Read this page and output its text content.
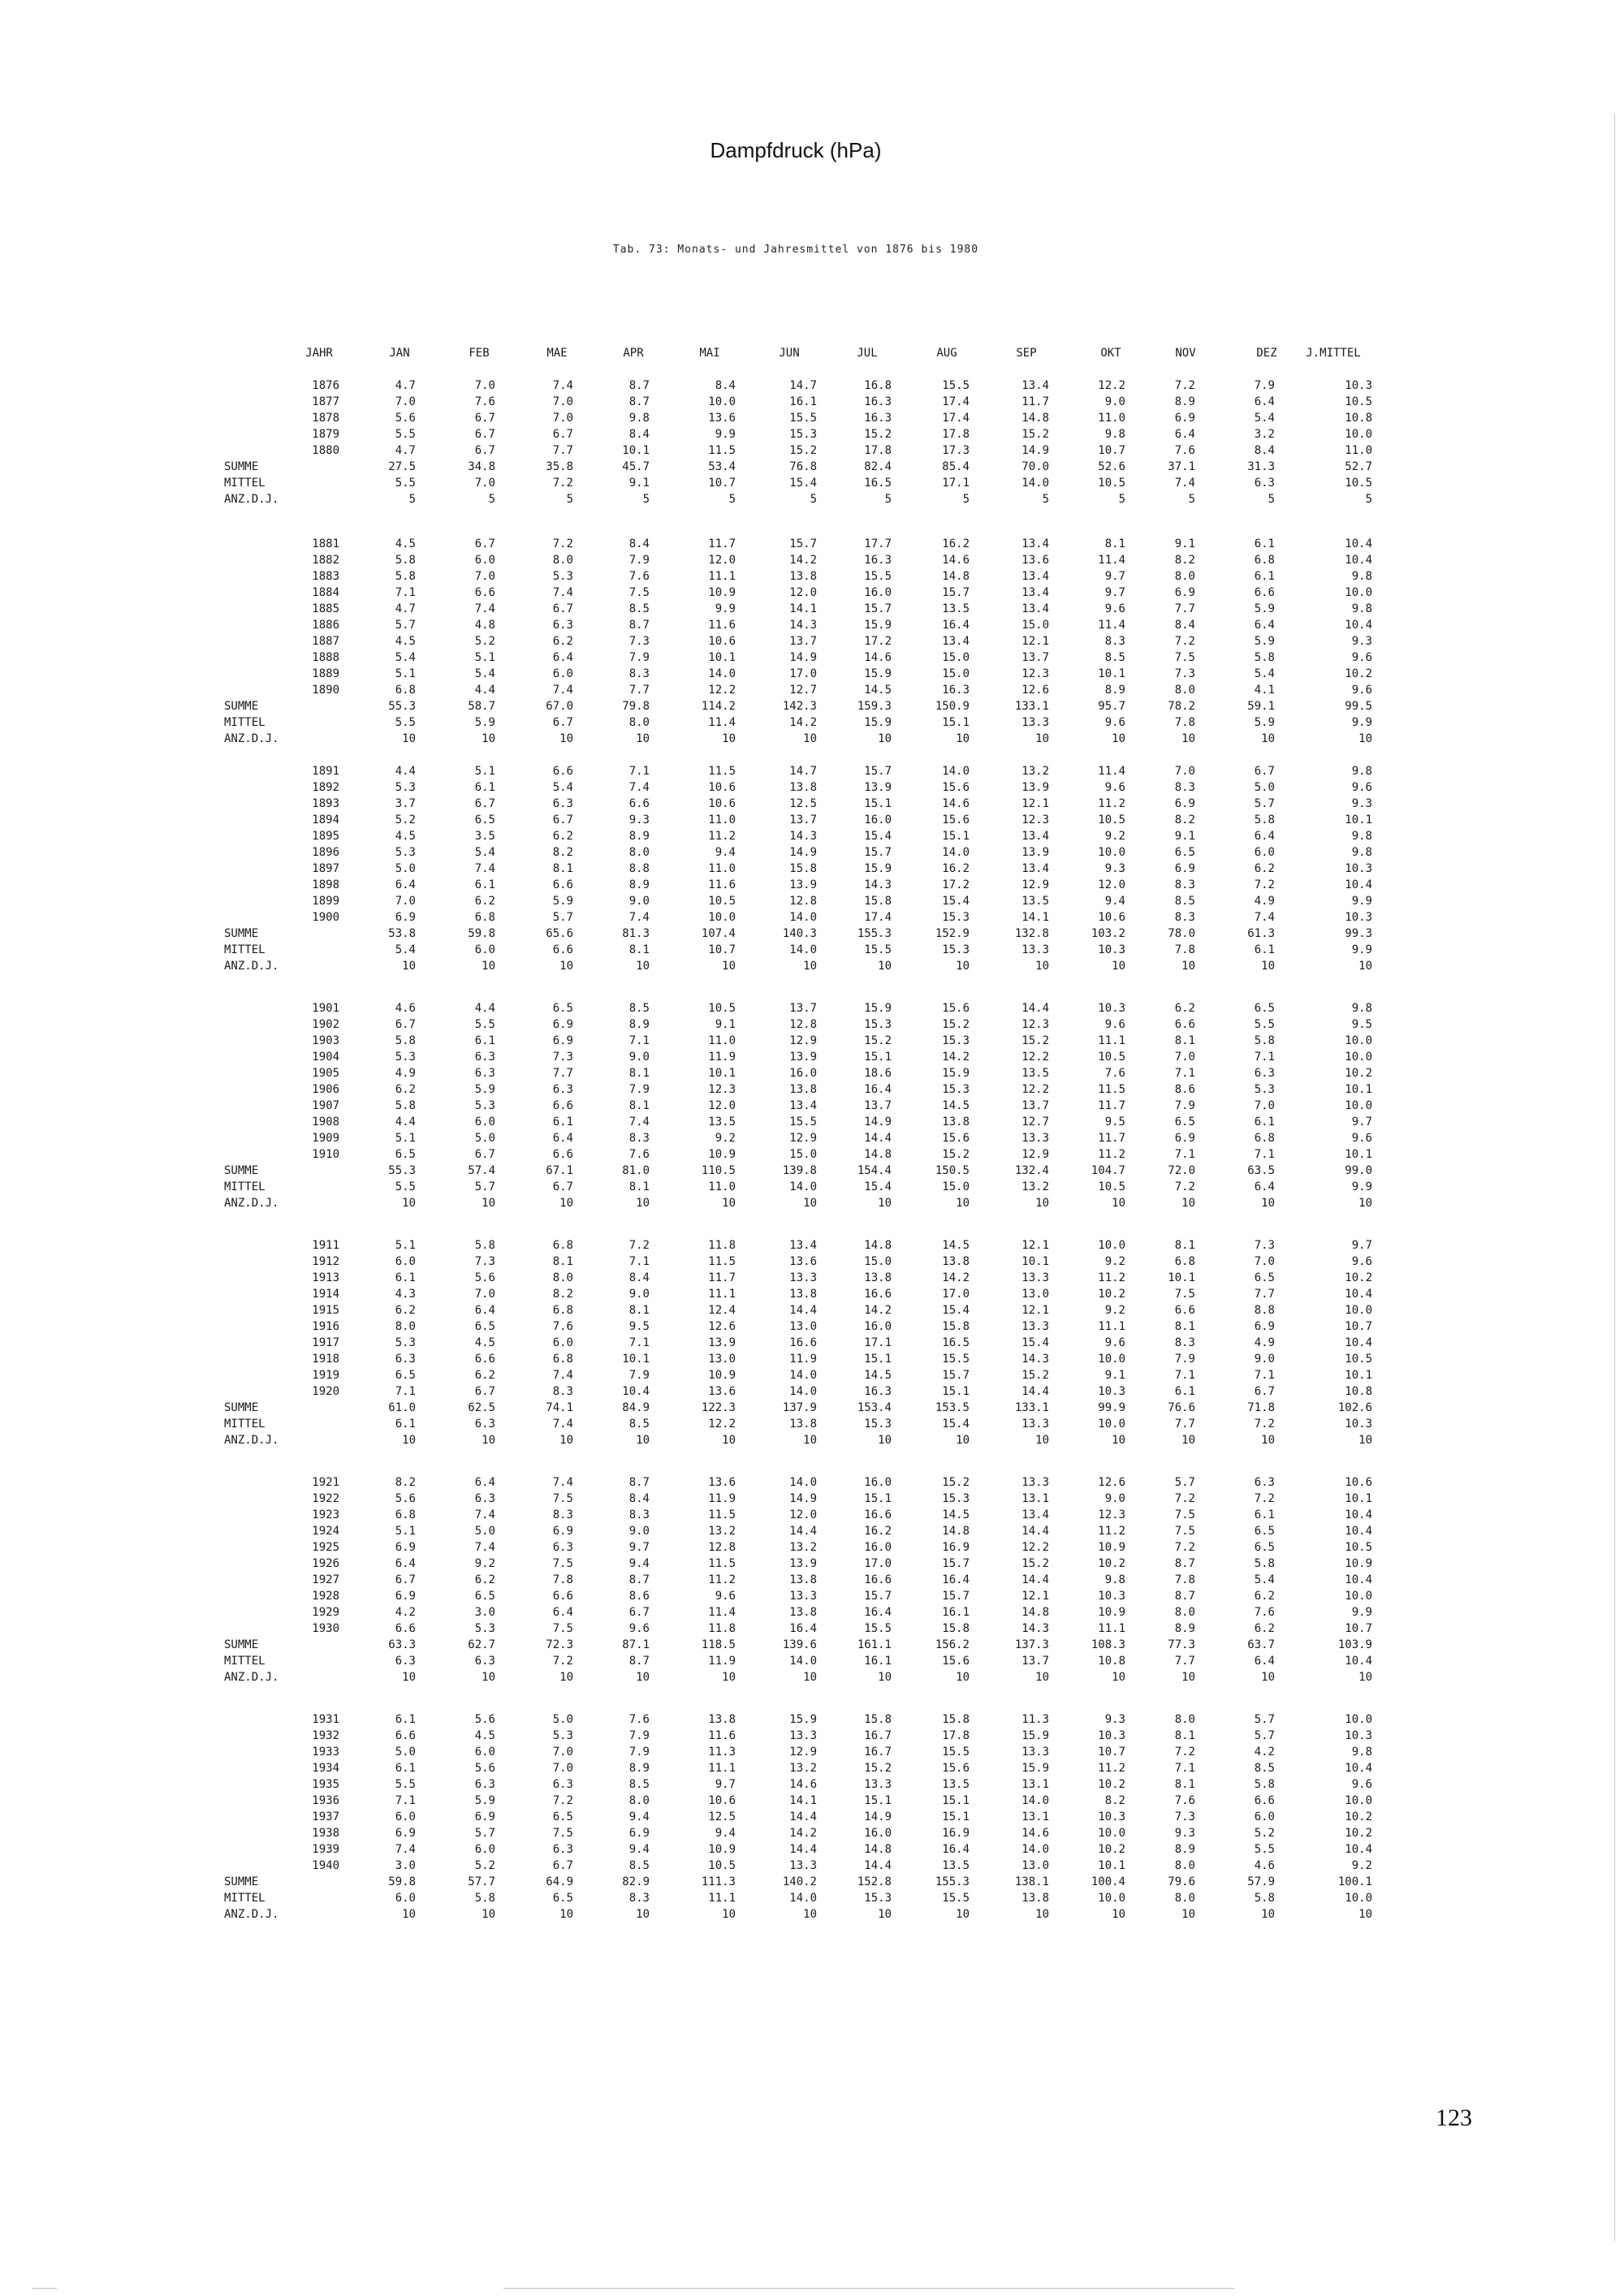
Dampfdruck (hPa)
Tab. 73: Monats- und Jahresmittel von 1876 bis 1980
JAHR	JAN	FEB	MAE	APR	MAI	JUN	JUL	AUG	SEP	OKT	NOV	DEZ	J.MITTEL
1876	4.7	7.0	7.4	8.7	8.4	14.7	16.8	15.5	13.4	12.2	7.2	7.9	10.3
1877	7.0	7.6	7.0	8.7	10.0	16.1	16.3	17.4	11.7	9.0	8.9	6.4	10.5
1878	5.6	6.7	7.0	9.8	13.6	15.5	16.3	17.4	14.8	11.0	6.9	5.4	10.8
1879	5.5	6.7	6.7	8.4	9.9	15.3	15.2	17.8	15.2	9.8	6.4	3.2	10.0
1880	4.7	6.7	7.7	10.1	11.5	15.2	17.8	17.3	14.9	10.7	7.6	8.4	11.0
SUMME	27.5	34.8	35.8	45.7	53.4	76.8	82.4	85.4	70.0	52.6	37.1	31.3	52.7
MITTEL	5.5	7.0	7.2	9.1	10.7	15.4	16.5	17.1	14.0	10.5	7.4	6.3	10.5
ANZ.D.J.	5	5	5	5	5	5	5	5	5	5	5	5	5
1881	4.5	6.7	7.2	8.4	11.7	15.7	17.7	16.2	13.4	8.1	9.1	6.1	10.4
1882	5.8	6.0	8.0	7.9	12.0	14.2	16.3	14.6	13.6	11.4	8.2	6.8	10.4
1883	5.8	7.0	5.3	7.6	11.1	13.8	15.5	14.8	13.4	9.7	8.0	6.1	9.8
1884	7.1	6.6	7.4	7.5	10.9	12.0	16.0	15.7	13.4	9.7	6.9	6.6	10.0
1885	4.7	7.4	6.7	8.5	9.9	14.1	15.7	13.5	13.4	9.6	7.7	5.9	9.8
1886	5.7	4.8	6.3	8.7	11.6	14.3	15.9	16.4	15.0	11.4	8.4	6.4	10.4
1887	4.5	5.2	6.2	7.3	10.6	13.7	17.2	13.4	12.1	8.3	7.2	5.9	9.3
1888	5.4	5.1	6.4	7.9	10.1	14.9	14.6	15.0	13.7	8.5	7.5	5.8	9.6
1889	5.1	5.4	6.0	8.3	14.0	17.0	15.9	15.0	12.3	10.1	7.3	5.4	10.2
1890	6.8	4.4	7.4	7.7	12.2	12.7	14.5	16.3	12.6	8.9	8.0	4.1	9.6
SUMME	55.3	58.7	67.0	79.8	114.2	142.3	159.3	150.9	133.1	95.7	78.2	59.1	99.5
MITTEL	5.5	5.9	6.7	8.0	11.4	14.2	15.9	15.1	13.3	9.6	7.8	5.9	9.9
ANZ.D.J.	10	10	10	10	10	10	10	10	10	10	10	10	10
1891	4.4	5.1	6.6	7.1	11.5	14.7	15.7	14.0	13.2	11.4	7.0	6.7	9.8
1892	5.3	6.1	5.4	7.4	10.6	13.8	13.9	15.6	13.9	9.6	8.3	5.0	9.6
1893	3.7	6.7	6.3	6.6	10.6	12.5	15.1	14.6	12.1	11.2	6.9	5.7	9.3
1894	5.2	6.5	6.7	9.3	11.0	13.7	16.0	15.6	12.3	10.5	8.2	5.8	10.1
1895	4.5	3.5	6.2	8.9	11.2	14.3	15.4	15.1	13.4	9.2	9.1	6.4	9.8
1896	5.3	5.4	8.2	8.0	9.4	14.9	15.7	14.0	13.9	10.0	6.5	6.0	9.8
1897	5.0	7.4	8.1	8.8	11.0	15.8	15.9	16.2	13.4	9.3	6.9	6.2	10.3
1898	6.4	6.1	6.6	8.9	11.6	13.9	14.3	17.2	12.9	12.0	8.3	7.2	10.4
1899	7.0	6.2	5.9	9.0	10.5	12.8	15.8	15.4	13.5	9.4	8.5	4.9	9.9
1900	6.9	6.8	5.7	7.4	10.0	14.0	17.4	15.3	14.1	10.6	8.3	7.4	10.3
SUMME	53.8	59.8	65.6	81.3	107.4	140.3	155.3	152.9	132.8	103.2	78.0	61.3	99.3
MITTEL	5.4	6.0	6.6	8.1	10.7	14.0	15.5	15.3	13.3	10.3	7.8	6.1	9.9
ANZ.D.J.	10	10	10	10	10	10	10	10	10	10	10	10	10
1901	4.6	4.4	6.5	8.5	10.5	13.7	15.9	15.6	14.4	10.3	6.2	6.5	9.8
1902	6.7	5.5	6.9	8.9	9.1	12.8	15.3	15.2	12.3	9.6	6.6	5.5	9.5
1903	5.8	6.1	6.9	7.1	11.0	12.9	15.2	15.3	15.2	11.1	8.1	5.8	10.0
1904	5.3	6.3	7.3	9.0	11.9	13.9	15.1	14.2	12.2	10.5	7.0	7.1	10.0
1905	4.9	6.3	7.7	8.1	10.1	16.0	18.6	15.9	13.5	7.6	7.1	6.3	10.2
1906	6.2	5.9	6.3	7.9	12.3	13.8	16.4	15.3	12.2	11.5	8.6	5.3	10.1
1907	5.8	5.3	6.6	8.1	12.0	13.4	13.7	14.5	13.7	11.7	7.9	7.0	10.0
1908	4.4	6.0	6.1	7.4	13.5	15.5	14.9	13.8	12.7	9.5	6.5	6.1	9.7
1909	5.1	5.0	6.4	8.3	9.2	12.9	14.4	15.6	13.3	11.7	6.9	6.8	9.6
1910	6.5	6.7	6.6	7.6	10.9	15.0	14.8	15.2	12.9	11.2	7.1	7.1	10.1
SUMME	55.3	57.4	67.1	81.0	110.5	139.8	154.4	150.5	132.4	104.7	72.0	63.5	99.0
MITTEL	5.5	5.7	6.7	8.1	11.0	14.0	15.4	15.0	13.2	10.5	7.2	6.4	9.9
ANZ.D.J.	10	10	10	10	10	10	10	10	10	10	10	10	10
1911	5.1	5.8	6.8	7.2	11.8	13.4	14.8	14.5	12.1	10.0	8.1	7.3	9.7
1912	6.0	7.3	8.1	7.1	11.5	13.6	15.0	13.8	10.1	9.2	6.8	7.0	9.6
1913	6.1	5.6	8.0	8.4	11.7	13.3	13.8	14.2	13.3	11.2	10.1	6.5	10.2
1914	4.3	7.0	8.2	9.0	11.1	13.8	16.6	17.0	13.0	10.2	7.5	7.7	10.4
1915	6.2	6.4	6.8	8.1	12.4	14.4	14.2	15.4	12.1	9.2	6.6	8.8	10.0
1916	8.0	6.5	7.6	9.5	12.6	13.0	16.0	15.8	13.3	11.1	8.1	6.9	10.7
1917	5.3	4.5	6.0	7.1	13.9	16.6	17.1	16.5	15.4	9.6	8.3	4.9	10.4
1918	6.3	6.6	6.8	10.1	13.0	11.9	15.1	15.5	14.3	10.0	7.9	9.0	10.5
1919	6.5	6.2	7.4	7.9	10.9	14.0	14.5	15.7	15.2	9.1	7.1	7.1	10.1
1920	7.1	6.7	8.3	10.4	13.6	14.0	16.3	15.1	14.4	10.3	6.1	6.7	10.8
SUMME	61.0	62.5	74.1	84.9	122.3	137.9	153.4	153.5	133.1	99.9	76.6	71.8	102.6
MITTEL	6.1	6.3	7.4	8.5	12.2	13.8	15.3	15.4	13.3	10.0	7.7	7.2	10.3
ANZ.D.J.	10	10	10	10	10	10	10	10	10	10	10	10	10
1921	8.2	6.4	7.4	8.7	13.6	14.0	16.0	15.2	13.3	12.6	5.7	6.3	10.6
1922	5.6	6.3	7.5	8.4	11.9	14.9	15.1	15.3	13.1	9.0	7.2	7.2	10.1
1923	6.8	7.4	8.3	8.3	11.5	12.0	16.6	14.5	13.4	12.3	7.5	6.1	10.4
1924	5.1	5.0	6.9	9.0	13.2	14.4	16.2	14.8	14.4	11.2	7.5	6.5	10.4
1925	6.9	7.4	6.3	9.7	12.8	13.2	16.0	16.9	12.2	10.9	7.2	6.5	10.5
1926	6.4	9.2	7.5	9.4	11.5	13.9	17.0	15.7	15.2	10.2	8.7	5.8	10.9
1927	6.7	6.2	7.8	8.7	11.2	13.8	16.6	16.4	14.4	9.8	7.8	5.4	10.4
1928	6.9	6.5	6.6	8.6	9.6	13.3	15.7	15.7	12.1	10.3	8.7	6.2	10.0
1929	4.2	3.0	6.4	6.7	11.4	13.8	16.4	16.1	14.8	10.9	8.0	7.6	9.9
1930	6.6	5.3	7.5	9.6	11.8	16.4	15.5	15.8	14.3	11.1	8.9	6.2	10.7
SUMME	63.3	62.7	72.3	87.1	118.5	139.6	161.1	156.2	137.3	108.3	77.3	63.7	103.9
MITTEL	6.3	6.3	7.2	8.7	11.9	14.0	16.1	15.6	13.7	10.8	7.7	6.4	10.4
ANZ.D.J.	10	10	10	10	10	10	10	10	10	10	10	10	10
1931	6.1	5.6	5.0	7.6	13.8	15.9	15.8	15.8	11.3	9.3	8.0	5.7	10.0
1932	6.6	4.5	5.3	7.9	11.6	13.3	16.7	17.8	15.9	10.3	8.1	5.7	10.3
1933	5.0	6.0	7.0	7.9	11.3	12.9	16.7	15.5	13.3	10.7	7.2	4.2	9.8
1934	6.1	5.6	7.0	8.9	11.1	13.2	15.2	15.6	15.9	11.2	7.1	8.5	10.4
1935	5.5	6.3	6.3	8.5	9.7	14.6	13.3	13.5	13.1	10.2	8.1	5.8	9.6
1936	7.1	5.9	7.2	8.0	10.6	14.1	15.1	15.1	14.0	8.2	7.6	6.6	10.0
1937	6.0	6.9	6.5	9.4	12.5	14.4	14.9	15.1	13.1	10.3	7.3	6.0	10.2
1938	6.9	5.7	7.5	6.9	9.4	14.2	16.0	16.9	14.6	10.0	9.3	5.2	10.2
1939	7.4	6.0	6.3	9.4	10.9	14.4	14.8	16.4	14.0	10.2	8.9	5.5	10.4
1940	3.0	5.2	6.7	8.5	10.5	13.3	14.4	13.5	13.0	10.1	8.0	4.6	9.2
SUMME	59.8	57.7	64.9	82.9	111.3	140.2	152.8	155.3	138.1	100.4	79.6	57.9	100.1
MITTEL	6.0	5.8	6.5	8.3	11.1	14.0	15.3	15.5	13.8	10.0	8.0	5.8	10.0
ANZ.D.J.	10	10	10	10	10	10	10	10	10	10	10	10	10
123
